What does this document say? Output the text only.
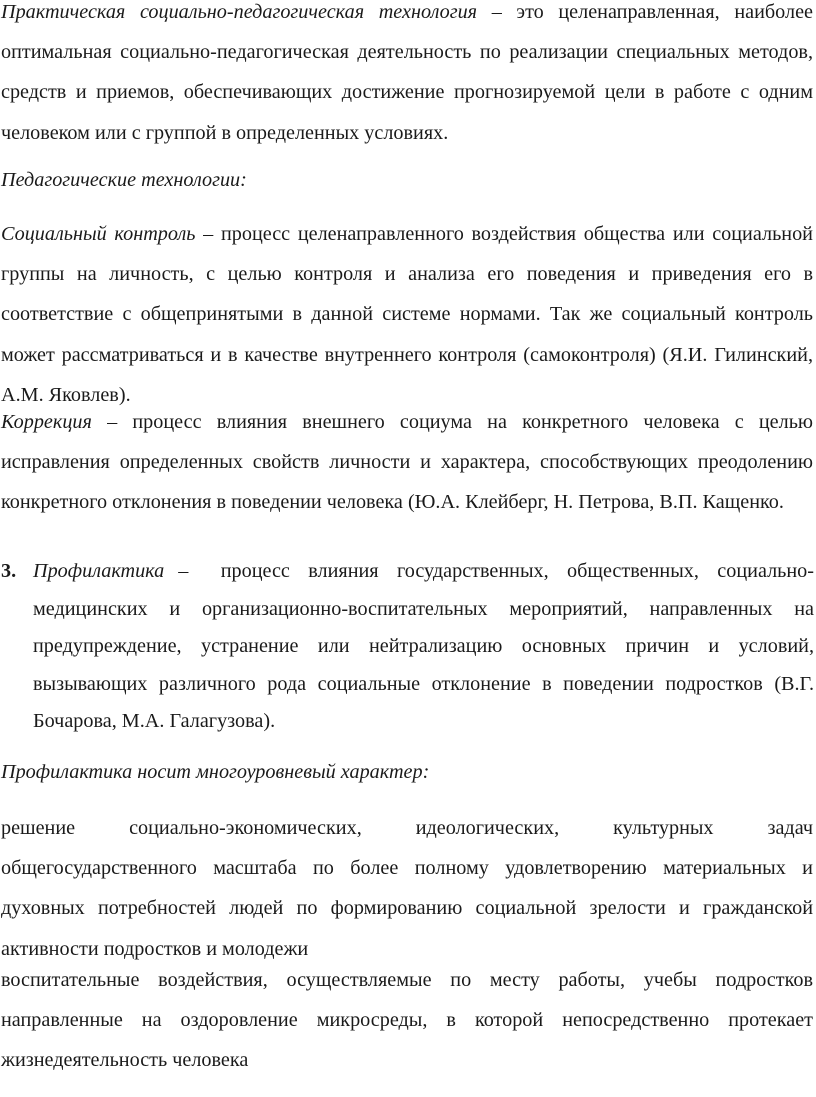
Практическая социально-педагогическая технология – это целенаправленная, наиболее оптимальная социально-педагогическая деятельность по реализации специальных методов, средств и приемов, обеспечивающих достижение прогнозируемой цели в работе с одним человеком или с группой в определенных условиях.

Педагогические технологии:

Социальный контроль – процесс целенаправленного воздействия общества или социальной группы на личность, с целью контроля и анализа его поведения и приведения его в соответствие с общепринятыми в данной системе нормами. Так же социальный контроль может рассматриваться и в качестве внутреннего контроля (самоконтроля) (Я.И. Гилинский, А.М. Яковлев).

Коррекция – процесс влияния внешнего социума на конкретного человека с целью исправления определенных свойств личности и характера, способствующих преодолению конкретного отклонения в поведении человека (Ю.А. Клейберг, Н. Петрова, В.П. Кащенко.

3. Профилактика – процесс влияния государственных, общественных, социально-медицинских и организационно-воспитательных мероприятий, направленных на предупреждение, устранение или нейтрализацию основных причин и условий, вызывающих различного рода социальные отклонение в поведении подростков (В.Г. Бочарова, М.А. Галагузова).

Профилактика носит многоуровневый характер:

решение социально-экономических, идеологических, культурных задач общегосударственного масштаба по более полному удовлетворению материальных и духовных потребностей людей по формированию социальной зрелости и гражданской активности подростков и молодежи

воспитательные воздействия, осуществляемые по месту работы, учебы подростков направленные на оздоровление микросреды, в которой непосредственно протекает жизнедеятельность человека
